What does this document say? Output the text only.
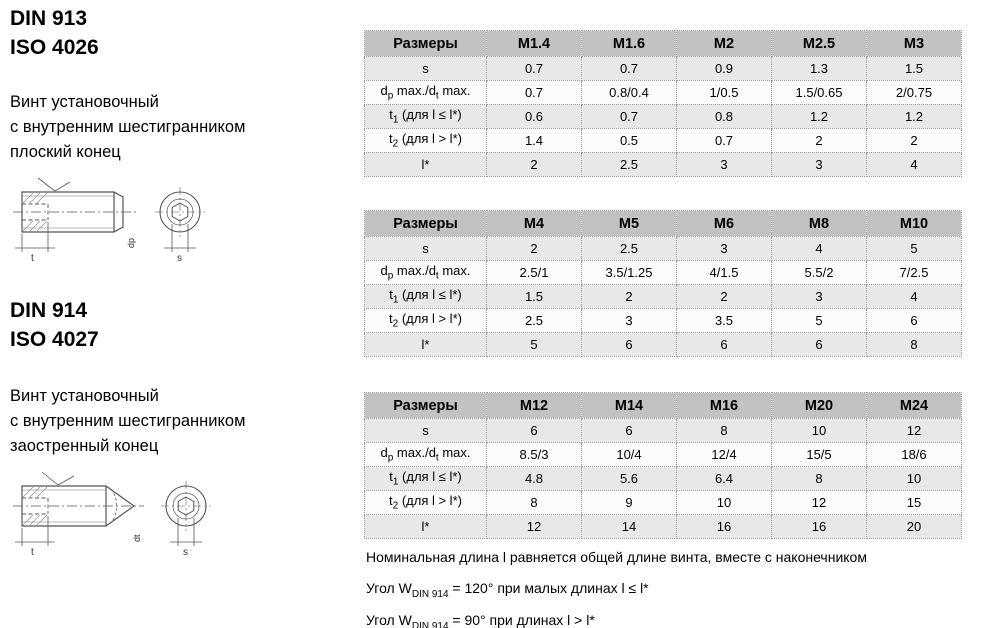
DIN 913
ISO 4026
Винт установочный
с внутренним шестигранником
плоский конец
t
dp
s
DIN 914
ISO 4027
Винт установочный
с внутренним шестигранником
заостренный конец
t
dt
s
Размеры	M1.4	M1.6	M2	M2.5	M3
s	0.7	0.7	0.9	1.3	1.5
$d_p$ $\max./d_t$ max.	0.7	0.8/0.4	1/0.5	1.5/0.65	2/0.75
$t_1$ (для l ≤ l*)	0.6	0.7	0.8	1.2	1.2
$t_2$ (для l > l*)	1.4	0.5	0.7	2	2
l*	2	2.5	3	3	4
Размеры	M4	M5	M6	M8	M10
s	2	2.5	3	4	5
$d_p$ $\max./d_t$ max.	2.5/1	3.5/1.25	4/1.5	5.5/2	7/2.5
$t_1$ (для l ≤ l*)	1.5	2	2	3	4
$t_2$ (для l > l*)	2.5	3	3.5	5	6
l*	5	6	6	6	8
Размеры	M12	M14	M16	M20	M24
s	6	6	8	10	12
$d_p$ $\max./d_t$ max.	8.5/3	10/4	12/4	15/5	18/6
$t_1$ (для l ≤ l*)	4.8	5.6	6.4	8	10
$t_2$ (для l > l*)	8	9	10	12	15
l*	12	14	16	16	20

Номинальная длина l равняется общей длине винта, вместе с наконечником

Угол $W_{DIN 914} = 120^\circ$ при малых длинах l ≤ l*

Угол $W_{DIN 914} = 90^\circ$ при длинах l > l*
